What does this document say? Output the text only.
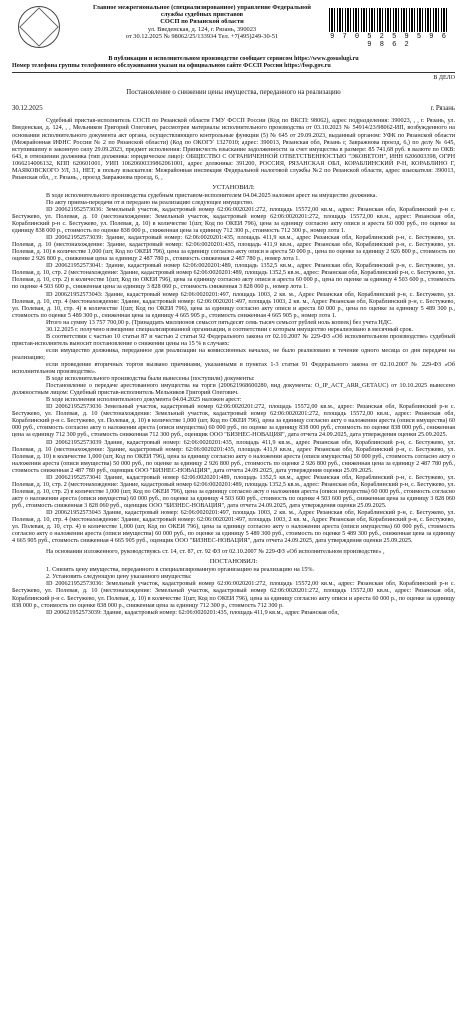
Главное межрегиональное (специализированное) управление Федеральной
службы судебных приставов
СОСП по Рязанской области
ул. Введенская, д. 124, г. Рязань, 390023
от 30.12.2025 № 98062/25/133934 Тел. +7(495)249-30-51	9 7 0 5 2 5 9 5 9 6 9 8 6 2
В публикации и исполнительном производстве сообщает сервисом https://www.gosuslugi.ru
Номер телефона группы телефонного обслуживания указан на официальном сайте ФССП России https://fssp.gov.ru
В ДЕЛО
Постановление о снижении цены имущества, переданного на реализацию
30.12.2025	г. Рязань

Судебный пристав-исполнитель СОСП по Рязанской области ГМУ ФССП России (Код по ВКСП: 98062), адрес подразделения: 390023, , , г. Рязань, ул. Введенская, д. 124, , , Мельников Григорий Олегович, рассмотрев материалы исполнительного производства от 03.10.2023 № 54914/23/98062-ИП, возбужденного на основании исполнительного документа акт органа, осуществляющего контрольные функции (5) № 645 от 29.09.2023, выданный органом: УФК по Рязанской области (Межрайонная ИФНС России № 2 по Рязанской области) (Код по ОКОГУ 1327010; адрес: 390013, Рязанская обл, Рязань г, Завражнова проезд, 6,) по делу № 645, вступившему в законную силу 29.09.2023, предмет исполнения: Приписчесть взыскание задолженности за счет имущества в размере: 85 741,68 руб. в валюте по ОКВ: 643, в отношении должника (тип должника: юридическое лицо): ОБЩЕСТВО С ОГРАНИЧЕННОЙ ОТВЕТСТВЕННОСТЬЮ "ЭКОВЕТОН", ИНН 6206003398, ОГРН 1066214006132, КПП 620601001, УИП 10620600339862061001, адрес должника: 391200, РОССИЯ, РЯЗАНСКАЯ ОБЛ, КОРАБЛИНСКИЙ Р-Н, КОРАБЛИНО Г, МАЯКОВСКОГО УЛ, 31, НЕТ, в пользу взыскателя: Межрайонная инспекция Федеральной налоговой службы №2 по Рязанской области, адрес взыскателя: 390013, Рязанская обл, , г. Рязань, , проезд Завражнова проезд, 6, ,

УСТАНОВИЛ:

В ходе исполнительного производства судебным приставом-исполнителем 04.04.2025 наложен арест на имущество должника.

По акту приема-передачи от и передано на реализацию следующее имущество.

ID 200621952573036: Земельный участок, кадастровый номер 62:06:0020201:272, площадь 15572,00 кв.м., адрес: Рязанская обл, Кораблинский р-н с. Бестужево, ул. Полевая, д. 10 (местонахождение: Земельный участок, кадастровый номер 62:06:0020201:272, площадь 15572,00 кв.м., адрес: Рязанская обл, Кораблинский р-н с. Бестужево, ул. Полевая, д. 10) в количестве 1(шт, Код по ОКЕИ 796), цена за единицу согласно акту описи и ареста 60 000 руб., по оценке за единицу 838 000 р., стоимость по оценке 838 000 р., сниженная цена за единицу 712 300 р., стоимость 712 300 р., номер лота 1.

ID 200621952573039: Здание, кадастровый номер: 62:06:0020201:435, площадь 411,9 кв.м., адрес Рязанская обл, Кораблинский р-н, с. Бестужево, ул. Полевая, д. 10 (местонахождение: Здание, кадастровый номер: 62:06:0020201:435, площадь 411,9 кв.м., адрес Рязанская обл, Кораблинский р-н, с. Бестужево, ул. Полевая, д. 10) в количестве 1,000 (шт, Код по ОКЕИ 796), цена за единицу согласно акту описи и ареста 50 000 р., цена по оценке за единицу 2 926 800 р., стоимость по оценке 2 926 800 р., сниженная цена за единицу 2 487 780 р., стоимость сниженная 2 487 780 р., номер лота 1.

ID 200621952573041: Здание, кадастровый номер 62:06:0020201:489, площадь 1352,5 кв.м., адрес Рязанская обл, Кораблинский р-н, с. Бестужево, ул. Полевая, д. 10, стр. 2 (местонахождение: Здание, кадастровый номер 62:06:0020201:489, площадь 1352,5 кв.м., адрес: Рязанская обл, Кораблинский р-н, с. Бестужево, ул. Полевая, д. 10, стр. 2) в количестве 1(шт, Код по ОКЕИ 796), цена за единицу согласно акту описи и ареста 60 000 р., цена по оценке за единицу 4 503 600 р., стоимость по оценке 4 503 600 р., сниженная цена за единицу 3 828 060 р., стоимость сниженная 3 828 060 р., номер лота 1.

ID 200621952573043: Здание, кадастровый номер 62:06:0020201:497, площадь 1003, 2 кв. м., Адрес Рязанская обл, Кораблинский р-н, с. Бестужево, ул. Полевая, д. 10, стр. 4 (местонахождение: Здание, кадастровый номер: 62:06:0020201:497, площадь 1003, 2 кв. м., Адрес Рязанская обл, Кораблинский р-н, с. Бестужево, ул. Полевая, д. 10, стр. 4) в количестве 1(шт, Код по ОКЕИ 796), цена за единицу согласно акту описи и ареста 60 000 р., цена по оценке за единицу 5 489 300 р., стоимость по оценке 5 489 300 р., сниженная цена за единицу 4 665 905 р., стоимость сниженная 4 665 905 р., номер лота 1.

Итого на сумму 13 757 700,00 р. (Тринадцать миллионов семьсот пятьдесят семь тысяч семьсот рублей ноль копеек) без учета НДС.

30.12.2025 г. получено извещение специализированной организации, в соответствии с которым имущество нереализовано в месячный срок.

В соответствии с частью 10 статьи 87 и частью 2 статьи 92 Федерального закона от 02.10.2007 № 229-ФЗ «Об исполнительном производстве» судебный пристав-исполнитель выносит постановление о снижении цены на 15 % в случаях:

если имущество должника, переданное для реализации на комиссионных началах, не было реализовано в течение одного месяца со дня передачи на реализацию;

если проведение вторичных торгов вызвано причинами, указанными в пунктах 1-3 статьи 91 Федерального закона от 02.10.2007 № 229-ФЗ «Об исполнительном производстве».

В ходе исполнительного производства были вынесены (поступили) документы:

Постановление о передаче арестованного имущества на торги (200621968600280, вид документа: O_IP_ACT_ARR_GETAUC) от 10.10.2025 вынесено должностным лицом: Судебный пристав-исполнитель Мельников Григорий Олегович.

В ходе исполнения исполнительного документа 04.04.2025 наложен арест:

ID 200621952573036 Земельный участок, кадастровый номер 62:06:0020201:272, площадь 15572,00 кв.м., адрес: Рязанская обл, Кораблинский р-н с. Бестужево, ул. Полевая, д. 10 (местонахождение: Земельный участок, кадастровый номер 62:06:0020201:272, площадь 15572,00 кв.м., адрес: Рязанская обл, Кораблинский р-н с. Бестужево, ул. Полевая, д. 10) в количестве 1,000 (шт, Код по ОКЕИ 796), цена за единицу согласно акту о наложении ареста (описи имущества) 60 000 руб., стоимость согласно акту о наложении ареста (описи имущества) 60 000 руб., по оценке за единицу 838 000 руб., стоимость по оценке 838 000 руб., сниженная цена за единицу 712 300 руб., стоимость сниженная 712 300 руб., оценщик ООО "БИЗНЕС-НОВАЦИЯ", дата отчета 24.09.2025, дата утверждения оценки 25.09.2025.

ID 200621952573039 Здание, кадастровый номер: 62:06:0020201:435, площадь 411,9 кв.м., адрес Рязанская обл, Кораблинский р-н, с. Бестужево, ул. Полевая, д. 10 (местонахождение: Здание, кадастровый номер: 62:06:0020201:435, площадь 411,9 кв.м., адрес Рязанская обл, Кораблинский р-н, с. Бестужево, ул. Полевая, д. 10) в количестве 1,000 (шт, Код по ОКЕИ 796), цена за единицу согласно акту о наложении ареста (описи имущества) 50 000 руб., стоимость согласно акту о наложении ареста (описи имущества) 50 000 руб., по оценке за единицу 2 926 800 руб., стоимость по оценке 2 926 800 руб., сниженная цена за единицу 2 487 780 руб., стоимость сниженная 2 487 780 руб., оценщик ООО "БИЗНЕС-НОВАЦИЯ", дата отчета 24.09.2025, дата утверждения оценки 25.09.2025.

ID 200621952573041 Здание, кадастровый номер 62:06:0020201:489, площадь 1352,5 кв.м., адрес Рязанская обл, Кораблинский р-н, с. Бестужево, ул. Полевая, д. 10, стр. 2 (местонахождение: Здание, кадастровый номер 62:06:0020201:489, площадь 1352,5 кв.м., адрес: Рязанская обл, Кораблинский р-н, с. Бестужево, ул. Полевая, д. 10, стр. 2) в количестве 1,000 (шт, Код по ОКЕИ 796), цена за единицу согласно акту о наложении ареста (описи имущества) 60 000 руб., стоимость согласно акту о наложении ареста (описи имущества) 60 000 руб., по оценке за единицу 4 503 600 руб., стоимость по оценке 4 503 600 руб., сниженная цена за единицу 3 828 060 руб., стоимость сниженная 3 828 060 руб., оценщик ООО "БИЗНЕС-НОВАЦИЯ", дата отчета 24.09.2025, дата утверждения оценки 25.09.2025.

ID 200621952573043 Здание, кадастровый номер: 62:06:0020201:497, площадь 1003, 2 кв. м., Адрес Рязанская обл, Кораблинский р-н, с. Бестужево, ул. Полевая, д. 10, стр. 4 (местонахождение: Здание, кадастровый номер: 62:06:0020201:497, площадь 1003, 2 кв. м., Адрес Рязанская обл, Кораблинский р-н, с. Бестужево, ул. Полевая, д. 10, стр. 4) в количестве 1,000 (шт, Код по ОКЕИ 796), цена за единицу согласно акту о наложении ареста (описи имущества) 60 000 руб., стоимость согласно акту о наложении ареста (описи имущества) 60 000 руб., по оценке за единицу 5 489 300 руб., стоимость по оценке 5 489 300 руб., сниженная цена за единицу 4 665 905 руб., стоимость сниженная 4 665 905 руб., оценщик ООО "БИЗНЕС-НОВАЦИЯ", дата отчета 24.09.2025, дата утверждения оценки 25.09.2025.

На основании изложенного, руководствуясь ст. 14, ст. 87, ст. 92 ФЗ от 02.10.2007 № 229-ФЗ «Об исполнительном производстве» ,

ПОСТАНОВИЛ:

1. Снизить цену имущества, переданного в специализированную организацию на реализацию на 15%.

2. Установить следующую цену указанного имущества:

ID 200621952573036: Земельный участок, кадастровый номер 62:06:0020201:272, площадь 15572,00 кв.м., адрес: Рязанская обл, Кораблинский р-н с. Бестужево, ул. Полевая, д. 10 (местонахождение: Земельный участок, кадастровый номер 62:06:0020201:272, площадь 15572,00 кв.м., адрес: Рязанская обл, Кораблинский р-н с. Бестужево, ул. Полевая, д. 10) в количестве 1(шт, Код по ОКЕИ 796), цена за единицу согласно акту описи и ареста 60 000 р., по оценке за единицу 838 000 р., стоимость по оценке 838 000 р., сниженная цена за единицу 712 300 р., стоимость 712 300 р.

ID 200621952573039: Здание, кадастровый номер: 62:06:0020201:435, площадь 411,9 кв.м., адрес Рязанская обл,
